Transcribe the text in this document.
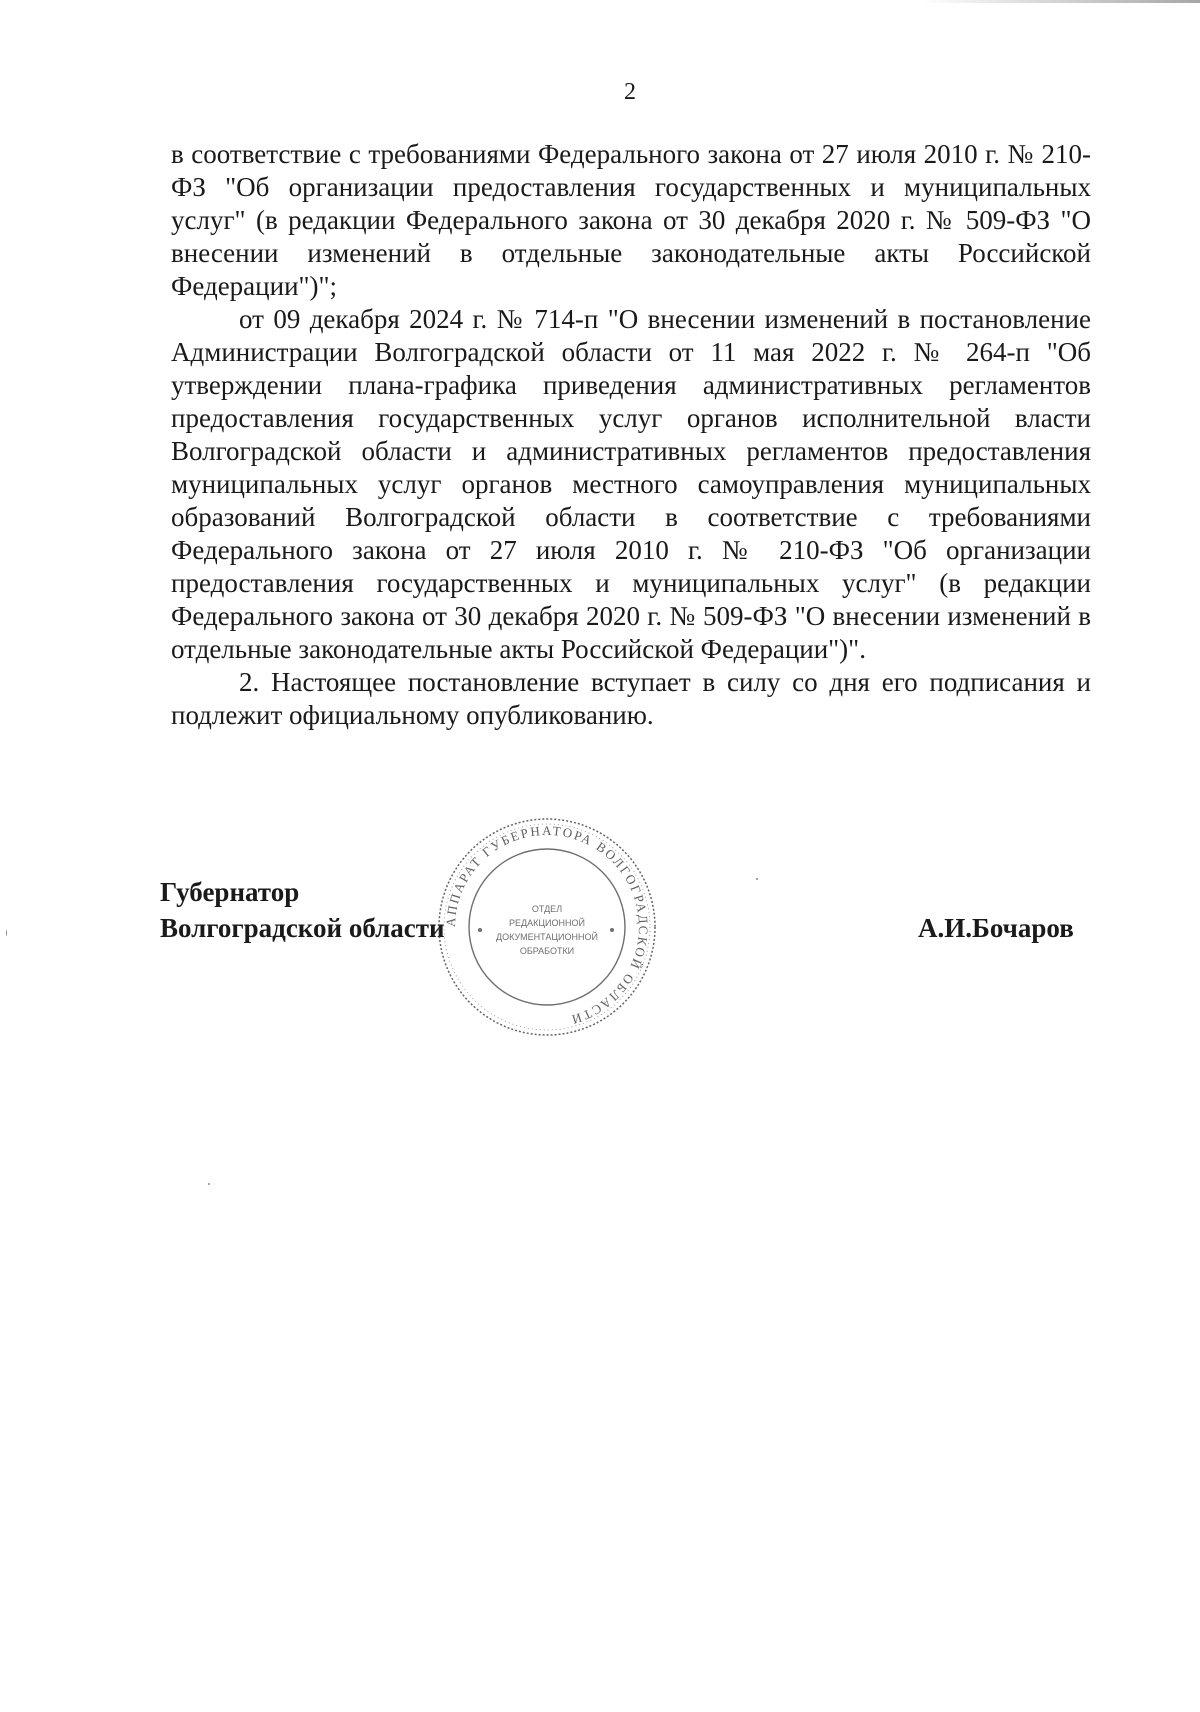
2

в соответствие с требованиями Федерального закона от 27 июля 2010 г. № 210-ФЗ "Об организации предоставления государственных и муниципальных услуг" (в редакции Федерального закона от 30 декабря 2020 г. № 509-ФЗ "О внесении изменений в отдельные законодательные акты Российской Федерации")";

от 09 декабря 2024 г. № 714-п "О внесении изменений в постановление Администрации Волгоградской области от 11 мая 2022 г. № 264-п "Об утверждении плана-графика приведения административных регламентов предоставления государственных услуг органов исполнительной власти Волгоградской области и административных регламентов предоставления муниципальных услуг органов местного самоуправления муниципальных образований Волгоградской области в соответствие с требованиями Федерального закона от 27 июля 2010 г. № 210-ФЗ "Об организации предоставления государственных и муниципальных услуг" (в редакции Федерального закона от 30 декабря 2020 г. № 509-ФЗ "О внесении изменений в отдельные законодательные акты Российской Федерации")".

2. Настоящее постановление вступает в силу со дня его подписания и подлежит официальному опубликованию.

Губернатор
Волгоградской области	А.И.Бочаров
АППАРАТ ГУБЕРНАТОРА ВОЛГОГРАДСКОЙ ОБЛАСТИ
ОТДЕЛ
РЕДАКЦИОННОЙ
ДОКУМЕНТАЦИОННОЙ
ОБРАБОТКИ
